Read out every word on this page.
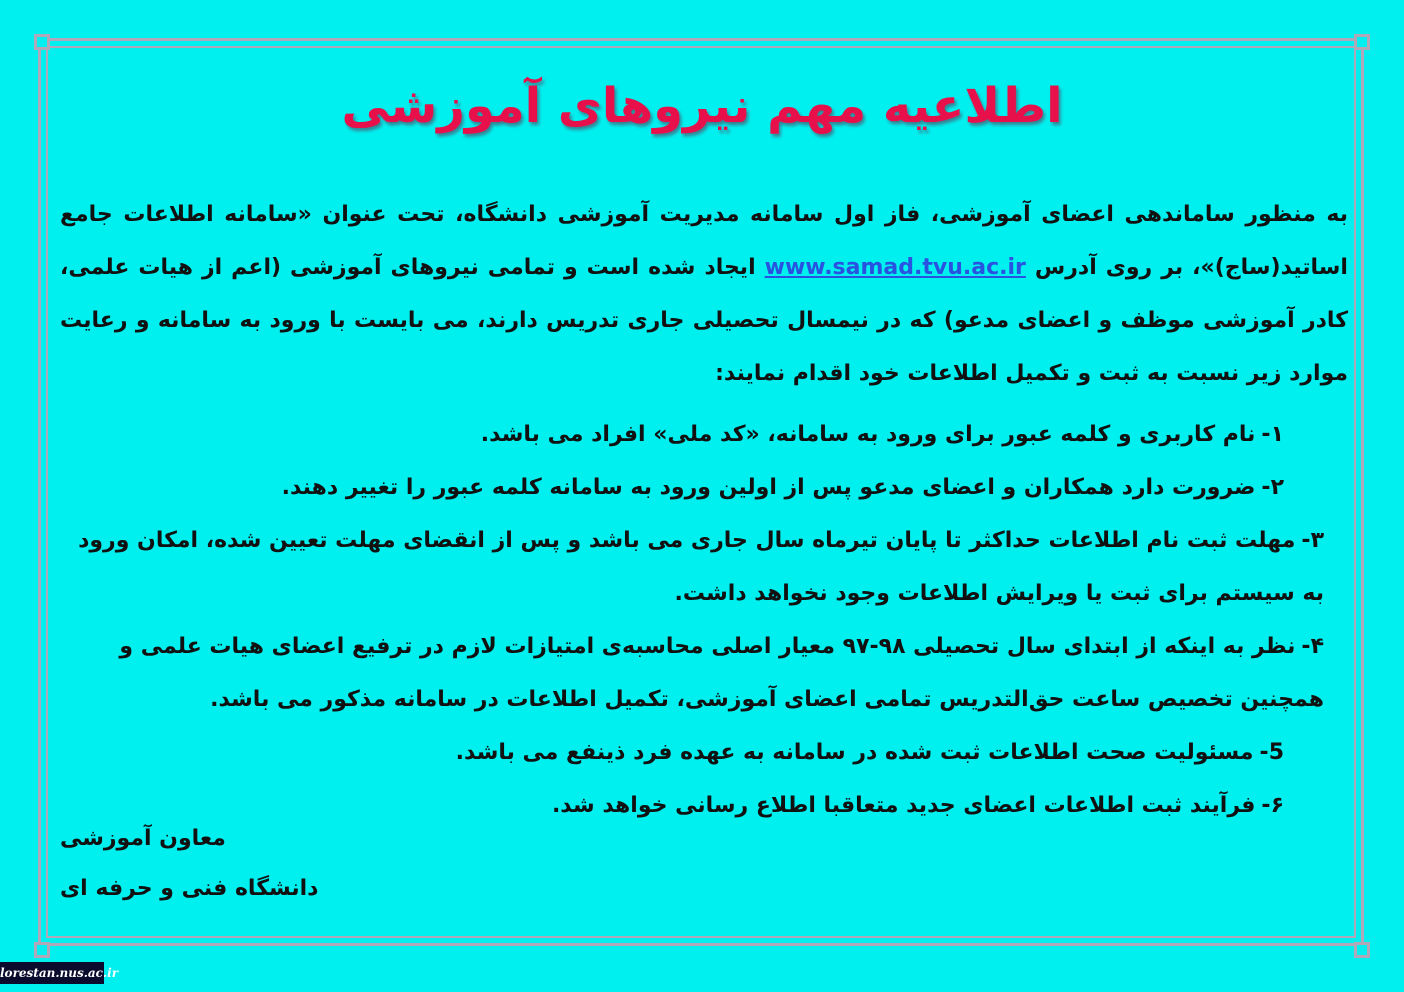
اطلاعیه مهم نیروهای آموزشی
به منظور ساماندهی اعضای آموزشی، فاز اول سامانه مدیریت آموزشی دانشگاه، تحت عنوان «سامانه اطلاعات جامع اساتید(ساج)»، بر روی آدرس www.samad.tvu.ac.ir ایجاد شده است و تمامی نیروهای آموزشی (اعم از هیات علمی، کادر آموزشی موظف و اعضای مدعو) که در نیمسال تحصیلی جاری تدریس دارند، می بایست با ورود به سامانه و رعایت موارد زیر نسبت به ثبت و تکمیل اطلاعات خود اقدام نمایند:
۱-نام کاربری و کلمه عبور برای ورود به سامانه، «کد ملی» افراد می باشد.
۲-ضرورت دارد همکاران و اعضای مدعو پس از اولین ورود به سامانه کلمه عبور را تغییر دهند.
۳-مهلت ثبت نام اطلاعات حداکثر تا پایان تیرماه سال جاری می باشد و پس از انقضای مهلت تعیین شده، امکان ورود به سیستم برای ثبت یا ویرایش اطلاعات وجود نخواهد داشت.
۴-نظر به اینکه از ابتدای سال تحصیلی ۹۸-۹۷ معیار اصلی محاسبه‌ی امتیازات لازم در ترفیع اعضای هیات علمی و همچنین تخصیص ساعت حق‌التدریس تمامی اعضای آموزشی، تکمیل اطلاعات در سامانه مذکور می باشد.
5-مسئولیت صحت اطلاعات ثبت شده در سامانه به عهده فرد ذینفع می باشد.
۶-فرآیند ثبت اطلاعات اعضای جدید متعاقبا اطلاع رسانی خواهد شد.
معاون آموزشی
دانشگاه فنی و حرفه ای
lorestan.nus.ac.ir
